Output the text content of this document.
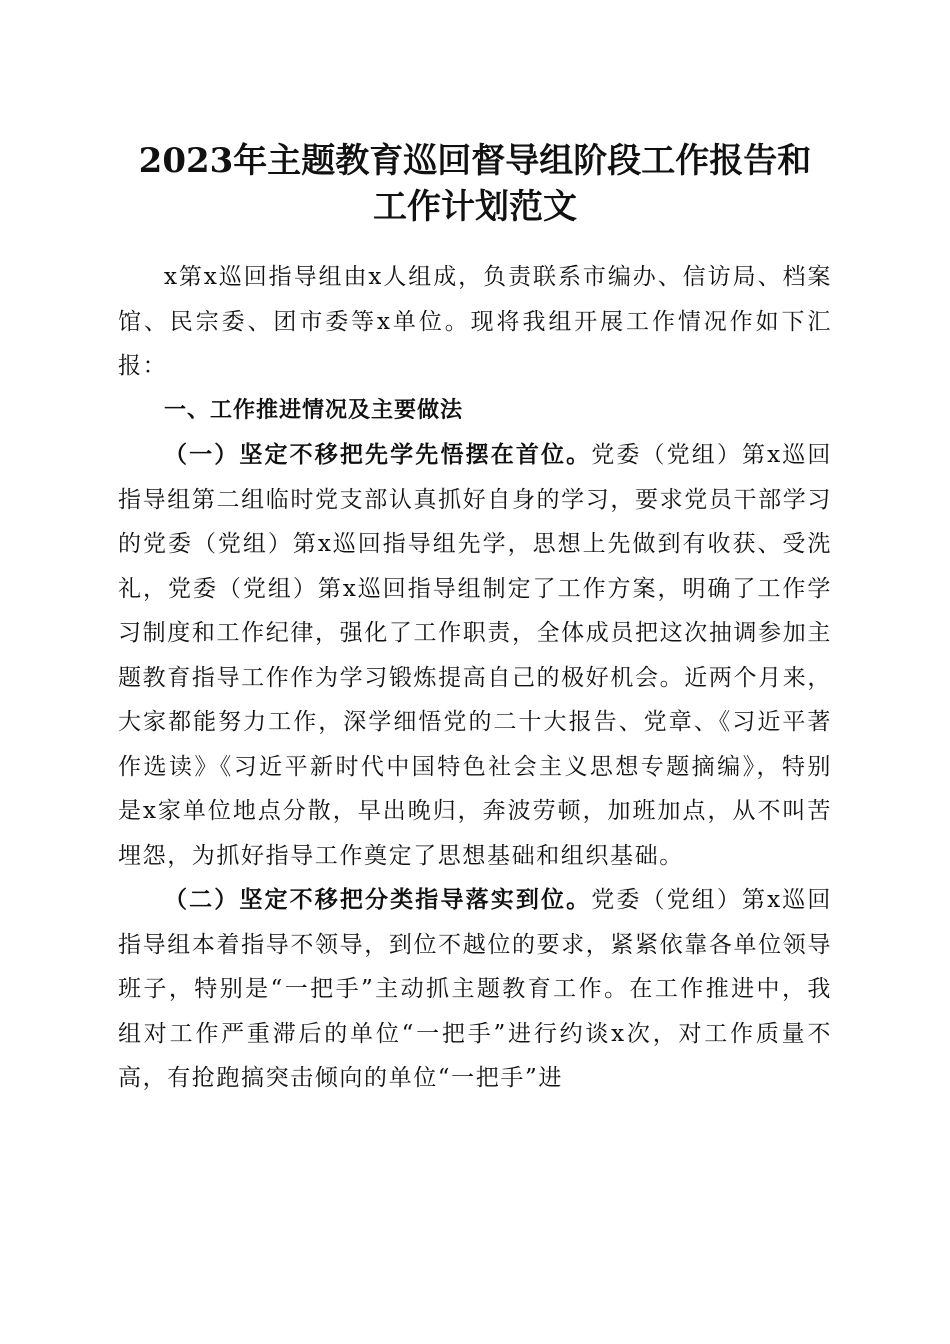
2023年主题教育巡回督导组阶段工作报告和
工作计划范文

x第x巡回指导组由x人组成，负责联系市编办、信访局、档案馆、民宗委、团市委等x单位。现将我组开展工作情况作如下汇报：

一、工作推进情况及主要做法

（一）坚定不移把先学先悟摆在首位。党委（党组）第x巡回指导组第二组临时党支部认真抓好自身的学习，要求党员干部学习的党委（党组）第x巡回指导组先学，思想上先做到有收获、受洗礼，党委（党组）第x巡回指导组制定了工作方案，明确了工作学习制度和工作纪律，强化了工作职责，全体成员把这次抽调参加主题教育指导工作作为学习锻炼提高自己的极好机会。近两个月来，大家都能努力工作，深学细悟党的二十大报告、党章、《习近平著作选读》《习近平新时代中国特色社会主义思想专题摘编》，特别是x家单位地点分散，早出晚归，奔波劳顿，加班加点，从不叫苦埋怨，为抓好指导工作奠定了思想基础和组织基础。

（二）坚定不移把分类指导落实到位。党委（党组）第x巡回指导组本着指导不领导，到位不越位的要求，紧紧依靠各单位领导班子，特别是“一把手”主动抓主题教育工作。在工作推进中，我组对工作严重滞后的单位“一把手”进行约谈x次，对工作质量不高，有抢跑搞突击倾向的单位“一把手”进
